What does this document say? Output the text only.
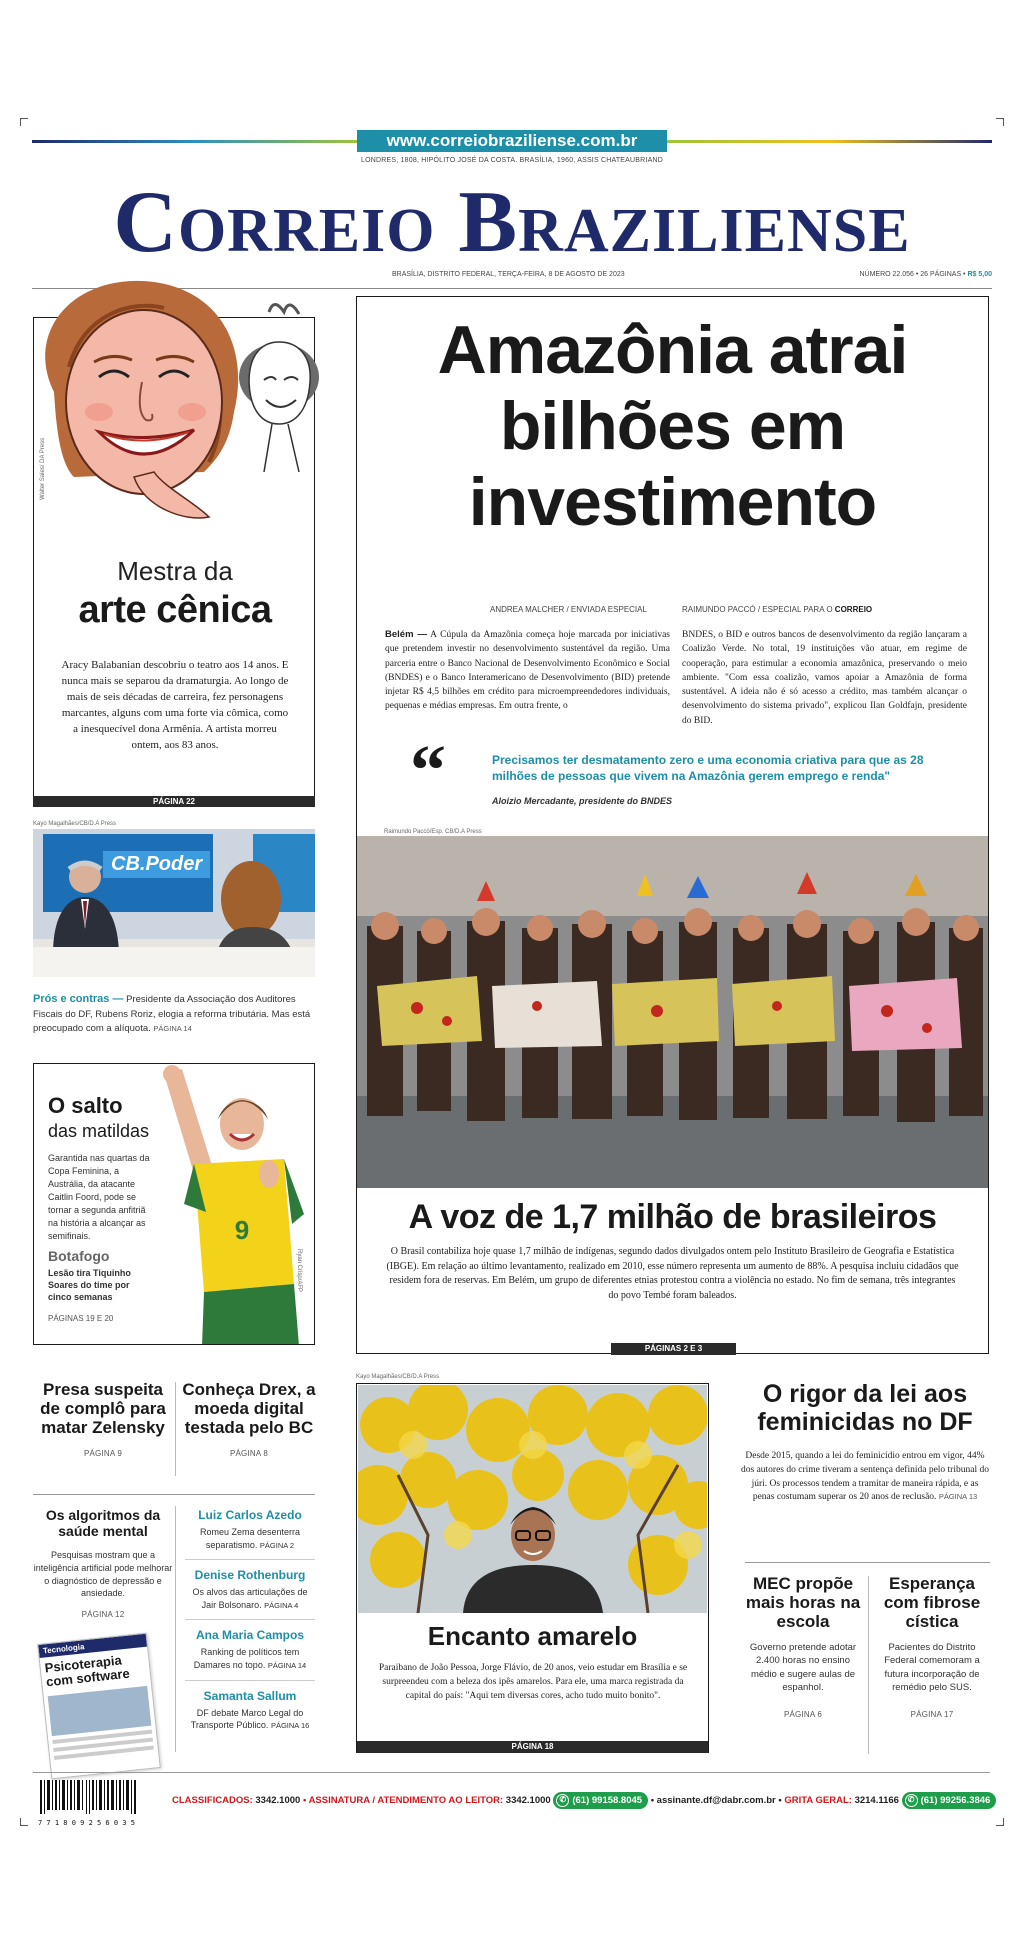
www.correiobraziliense.com.br
LONDRES, 1808, HIPÓLITO JOSÉ DA COSTA. BRASÍLIA, 1960, ASSIS CHATEAUBRIAND
Correio Braziliense
BRASÍLIA, DISTRITO FEDERAL, TERÇA-FEIRA, 8 DE AGOSTO DE 2023	NÚMERO 22.056 • 26 PÁGINAS • R$ 5,00
Walter Sales/ DA Press
Mestra da
arte cênica
Aracy Balabanian descobriu o teatro aos 14 anos. E nunca mais se separou da dramaturgia. Ao longo de mais de seis décadas de carreira, fez personagens marcantes, alguns com uma forte via cômica, como a inesquecível dona Armênia. A artista morreu ontem, aos 83 anos.
PÁGINA 22
Kayo Magalhães/CB/D.A Press
CB.Poder
Prós e contras — Presidente da Associação dos Auditores Fiscais do DF, Rubens Roriz, elogia a reforma tributária. Mas está preocupado com a alíquota. PÁGINA 14
9
O salto
das matildas
Garantida nas quartas da Copa Feminina, a Austrália, da atacante Caitlin Foord, pode se tornar a segunda anfitriã na história a alcançar as semifinais.
Botafogo
Lesão tira Tiquinho Soares do time por cinco semanas
PÁGINAS 19 E 20
Ryan Crisp/AFP
Amazônia atrai bilhões em investimento
ANDREA MALCHER / ENVIADA ESPECIAL	RAIMUNDO PACCÓ / ESPECIAL PARA O CORREIO
Belém — A Cúpula da Amazônia começa hoje marcada por iniciativas que pretendem investir no desenvolvimento sustentável da região. Uma parceria entre o Banco Nacional de Desenvolvimento Econômico e Social (BNDES) e o Banco Interamericano de Desenvolvimento (BID) pretende injetar R$ 4,5 bilhões em crédito para microempreendedores individuais, pequenas e médias empresas. Em outra frente, o
BNDES, o BID e outros bancos de desenvolvimento da região lançaram a Coalizão Verde. No total, 19 instituições vão atuar, em regime de cooperação, para estimular a economia amazônica, preservando o meio ambiente. "Com essa coalizão, vamos apoiar a Amazônia de forma sustentável. A ideia não é só acesso a crédito, mas também alcançar o desenvolvimento do sistema privado", explicou Ilan Goldfajn, presidente do BID.
“	Precisamos ter desmatamento zero e uma economia criativa para que as 28 milhões de pessoas que vivem na Amazônia gerem emprego e renda"
Aloizio Mercadante, presidente do BNDES
Raimundo Paccó/Esp. CB/D.A Press
A voz de 1,7 milhão de brasileiros
O Brasil contabiliza hoje quase 1,7 milhão de indígenas, segundo dados divulgados ontem pelo Instituto Brasileiro de Geografia e Estatística (IBGE). Em relação ao último levantamento, realizado em 2010, esse número representa um aumento de 88%. A pesquisa incluiu cidadãos que residem fora de reservas. Em Belém, um grupo de diferentes etnias protestou contra a violência no estado. No fim de semana, três integrantes do povo Tembé foram baleados.
PÁGINAS 2 E 3
Presa suspeita de complô para matar Zelensky
PÁGINA 9
Conheça Drex, a moeda digital testada pelo BC
PÁGINA 8
Os algoritmos da saúde mental
Pesquisas mostram que a inteligência artificial pode melhorar o diagnóstico de depressão e ansiedade.
PÁGINA 12
Tecnologia
Psicoterapia com software
Luiz Carlos Azedo
Romeu Zema desenterra separatismo. PÁGINA 2
Denise Rothenburg
Os alvos das articulações de Jair Bolsonaro. PÁGINA 4
Ana Maria Campos
Ranking de políticos tem Damares no topo. PÁGINA 14
Samanta Sallum
DF debate Marco Legal do Transporte Público. PÁGINA 16
Kayo Magalhães/CB/D.A Press
Encanto amarelo
Paraibano de João Pessoa, Jorge Flávio, de 20 anos, veio estudar em Brasília e se surpreendeu com a beleza dos ipês amarelos. Para ele, uma marca registrada da capital do país: "Aqui tem diversas cores, acho tudo muito bonito".
PÁGINA 18
O rigor da lei aos feminicidas no DF
Desde 2015, quando a lei do feminicídio entrou em vigor, 44% dos autores do crime tiveram a sentença definida pelo tribunal do júri. Os processos tendem a tramitar de maneira rápida, e as penas costumam superar os 20 anos de reclusão. PÁGINA 13
MEC propõe mais horas na escola
Governo pretende adotar 2.400 horas no ensino médio e sugere aulas de espanhol.
PÁGINA 6
Esperança com fibrose cística
Pacientes do Distrito Federal comemoram a futura incorporação de remédio pelo SUS.
PÁGINA 17
7 7 1 8 0 9 2 5 6 0 3 5
CLASSIFICADOS: 3342.1000 • ASSINATURA / ATENDIMENTO AO LEITOR: 3342.1000 ✆ (61) 99158.8045 • assinante.df@dabr.com.br • GRITA GERAL: 3214.1166 ✆ (61) 99256.3846
